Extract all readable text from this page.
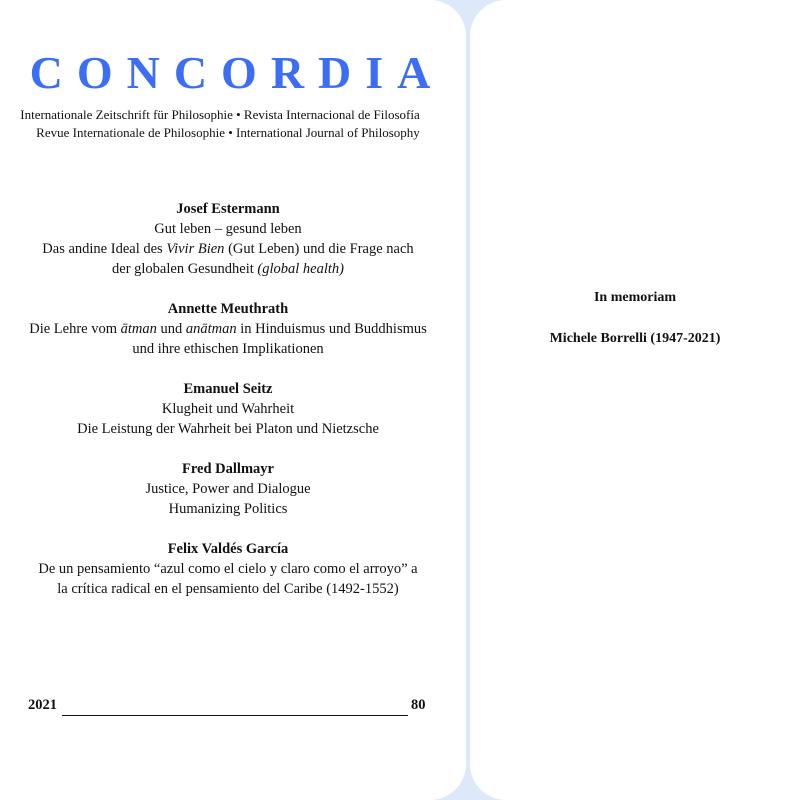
CONCORDIA
Internationale Zeitschrift für Philosophie • Revista Internacional de Filosofía
Revue Internationale de Philosophie • International Journal of Philosophy
Josef Estermann
Gut leben – gesund leben
Das andine Ideal des Vivir Bien (Gut Leben) und die Frage nach
der globalen Gesundheit (global health)
Annette Meuthrath
Die Lehre vom ātman und anātman in Hinduismus und Buddhismus
und ihre ethischen Implikationen
Emanuel Seitz
Klugheit und Wahrheit
Die Leistung der Wahrheit bei Platon und Nietzsche
Fred Dallmayr
Justice, Power and Dialogue
Humanizing Politics
Felix Valdés García
De un pensamiento “azul como el cielo y claro como el arroyo” a
la crítica radical en el pensamiento del Caribe (1492-1552)
2021	80
In memoriam
Michele Borrelli (1947-2021)
